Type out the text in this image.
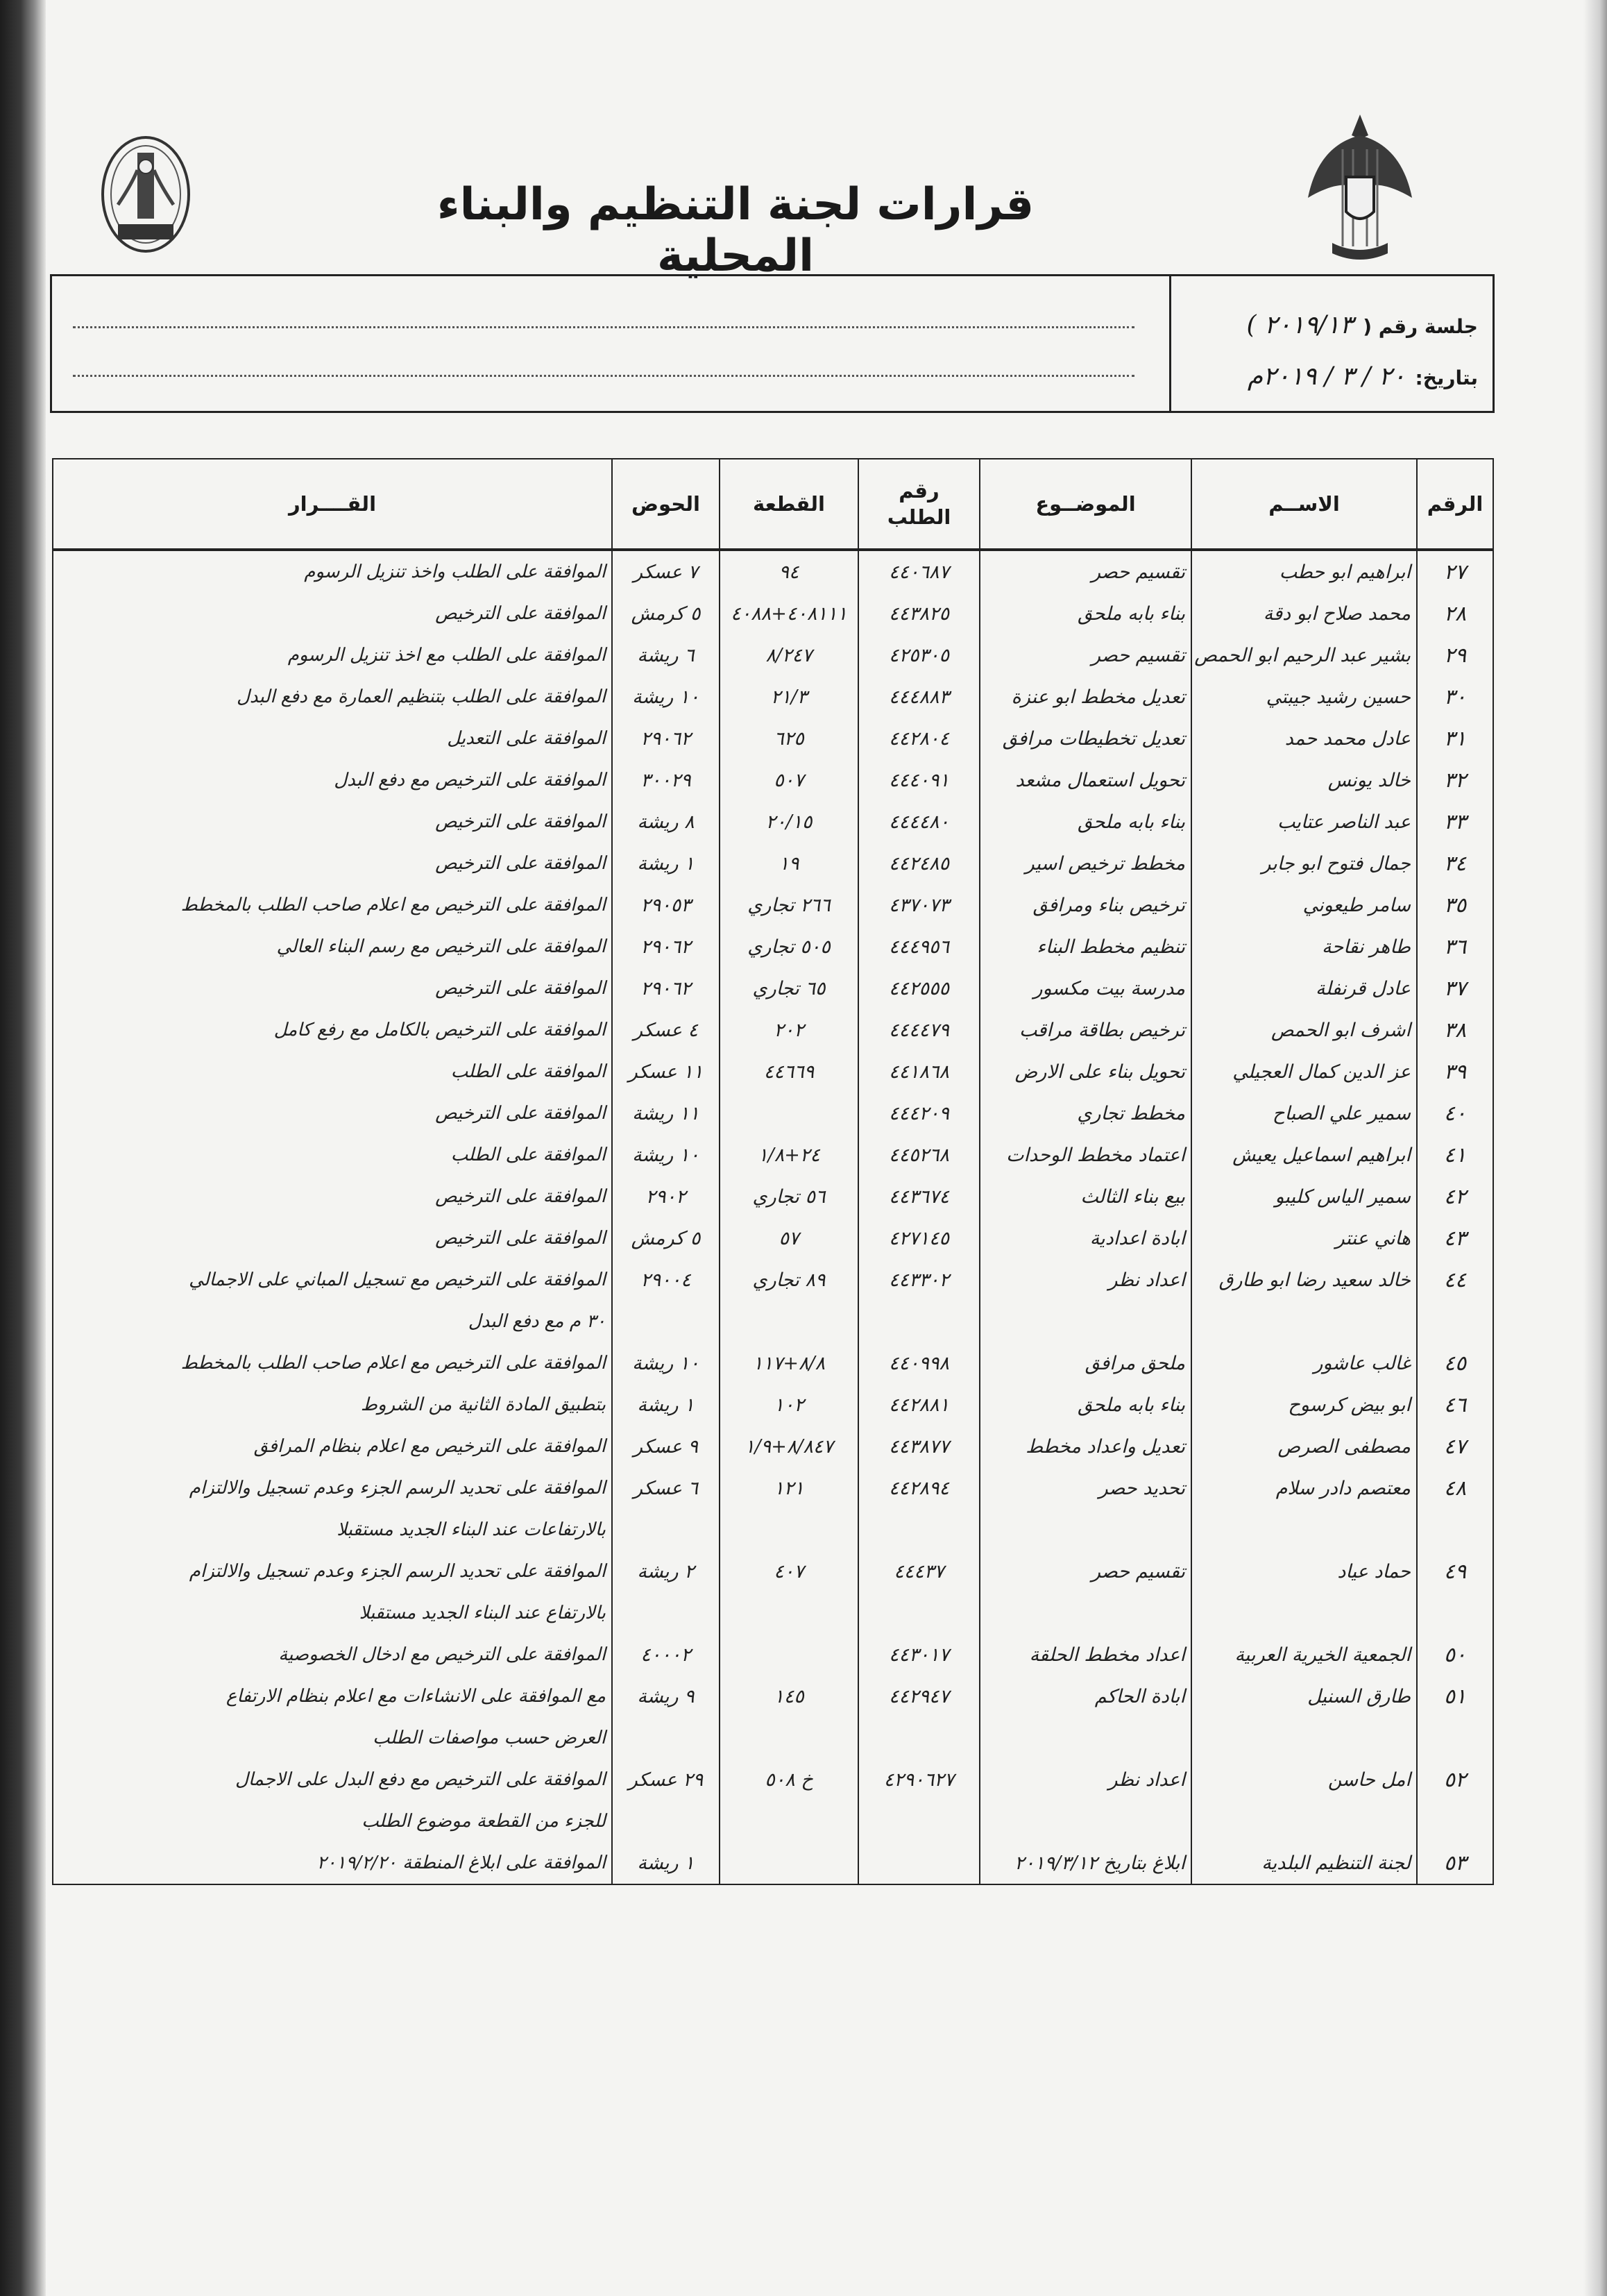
قرارات لجنة التنظيم والبناء المحلية
جلسة رقم (٢٠١٩/١٣ )
بتاريخ:٢٠ / ٣ / ٢٠١٩م
الرقم	الاســم	الموضــوع	رقم الطلب	القطعة	الحوض	القــــرار
٢٧	ابراهيم ابو حطب	تقسيم حصر	٤٤٠٦٨٧	٩٤	٧ عسكر	الموافقة على الطلب واخذ تنزيل الرسوم
٢٨	محمد صلاح ابو دقة	بناء بابه ملحق	٤٤٣٨٢٥	٤٠٨١١١+٤٠٨٨	٥ كرمش	الموافقة على الترخيص
٢٩	بشير عبد الرحيم ابو الحمص	تقسيم حصر	٤٢٥٣٠٥	٨/٢٤٧	٦ ريشة	الموافقة على الطلب مع اخذ تنزيل الرسوم
٣٠	حسين رشيد جيبتي	تعديل مخطط ابو عنزة	٤٤٤٨٨٣	٢١/٣	١٠ ريشة	الموافقة على الطلب بتنظيم العمارة مع دفع البدل
٣١	عادل محمد حمد	تعديل تخطيطات مرافق	٤٤٢٨٠٤	٦٢٥	٢٩٠٦٢	الموافقة على التعديل
٣٢	خالد يونس	تحويل استعمال مشعد	٤٤٤٠٩١	٥٠٧	٣٠٠٢٩	الموافقة على الترخيص مع دفع البدل
٣٣	عبد الناصر عتايب	بناء بابه ملحق	٤٤٤٤٨٠	٢٠/١٥	٨ ريشة	الموافقة على الترخيص
٣٤	جمال فتوح ابو جابر	مخطط ترخيص اسير	٤٤٢٤٨٥	١٩	١ ريشة	الموافقة على الترخيص
٣٥	سامر طيعوني	ترخيص بناء ومرافق	٤٣٧٠٧٣	٢٦٦ تجاري	٢٩٠٥٣	الموافقة على الترخيص مع اعلام صاحب الطلب بالمخطط
٣٦	طاهر نقاحة	تنظيم مخطط البناء	٤٤٤٩٥٦	٥٠٥ تجاري	٢٩٠٦٢	الموافقة على الترخيص مع رسم البناء العالي
٣٧	عادل قرنفلة	مدرسة بيت مكسور	٤٤٢٥٥٥	٦٥ تجاري	٢٩٠٦٢	الموافقة على الترخيص
٣٨	اشرف ابو الحمص	ترخيص بطاقة مراقب	٤٤٤٤٧٩	٢٠٢	٤ عسكر	الموافقة على الترخيص بالكامل مع رفع كامل
٣٩	عز الدين كمال العجيلي	تحويل بناء على الارض	٤٤١٨٦٨	٤٤٦٦٩	١١ عسكر	الموافقة على الطلب
٤٠	سمير علي الصباح	مخطط تجاري	٤٤٤٢٠٩		١١ ريشة	الموافقة على الترخيص
٤١	ابراهيم اسماعيل يعيش	اعتماد مخطط الوحدات	٤٤٥٢٦٨	٢٤+١/٨	١٠ ريشة	الموافقة على الطلب
٤٢	سمير الياس كليبو	بيع بناء الثالث	٤٤٣٦٧٤	٥٦ تجاري	٢٩٠٢	الموافقة على الترخيص
٤٣	هاني عنتر	ابادة اعدادية	٤٢٧١٤٥	٥٧	٥ كرمش	الموافقة على الترخيص
٤٤	خالد سعيد رضا ابو طارق	اعداد نظر	٤٤٣٣٠٢	٨٩ تجاري	٢٩٠٠٤	الموافقة على الترخيص مع تسجيل المباني على الاجمالي
						٣٠ م مع دفع البدل
٤٥	غالب عاشور	ملحق مرافق	٤٤٠٩٩٨	٨/٨+١١٧	١٠ ريشة	الموافقة على الترخيص مع اعلام صاحب الطلب بالمخطط
٤٦	ابو بيض كرسوح	بناء بابه ملحق	٤٤٢٨٨١	١٠٢	١ ريشة	بتطبيق المادة الثانية من الشروط
٤٧	مصطفى الصرص	تعديل واعداد مخطط	٤٤٣٨٧٧	٨/٨٤٧+١/٩	٩ عسكر	الموافقة على الترخيص مع اعلام بنظام المرافق
٤٨	معتصم دادر سلام	تحديد حصر	٤٤٢٨٩٤	١٢١	٦ عسكر	الموافقة على تحديد الرسم الجزء وعدم تسجيل والالتزام
						بالارتفاعات عند البناء الجديد مستقبلا
٤٩	حماد عياد	تقسيم حصر	٤٤٤٣٧	٤٠٧	٢ ريشة	الموافقة على تحديد الرسم الجزء وعدم تسجيل والالتزام
						بالارتفاع عند البناء الجديد مستقبلا
٥٠	الجمعية الخيرية العربية	اعداد مخطط الحلقة	٤٤٣٠١٧		٤٠٠٠٢	الموافقة على الترخيص مع ادخال الخصوصية
٥١	طارق السنيل	ابادة الحاكم	٤٤٢٩٤٧	١٤٥	٩ ريشة	مع الموافقة على الانشاءات مع اعلام بنظام الارتفاع
						العرض حسب مواصفات الطلب
٥٢	امل حاسن	اعداد نظر	٤٢٩٠٦٢٧	خ ٥٠٨	٢٩ عسكر	الموافقة على الترخيص مع دفع البدل على الاجمال
						للجزء من القطعة موضوع الطلب
٥٣	لجنة التنظيم البلدية	ابلاغ بتاريخ ٢٠١٩/٣/١٢			١ ريشة	الموافقة على ابلاغ المنطقة ٢٠١٩/٢/٢٠
